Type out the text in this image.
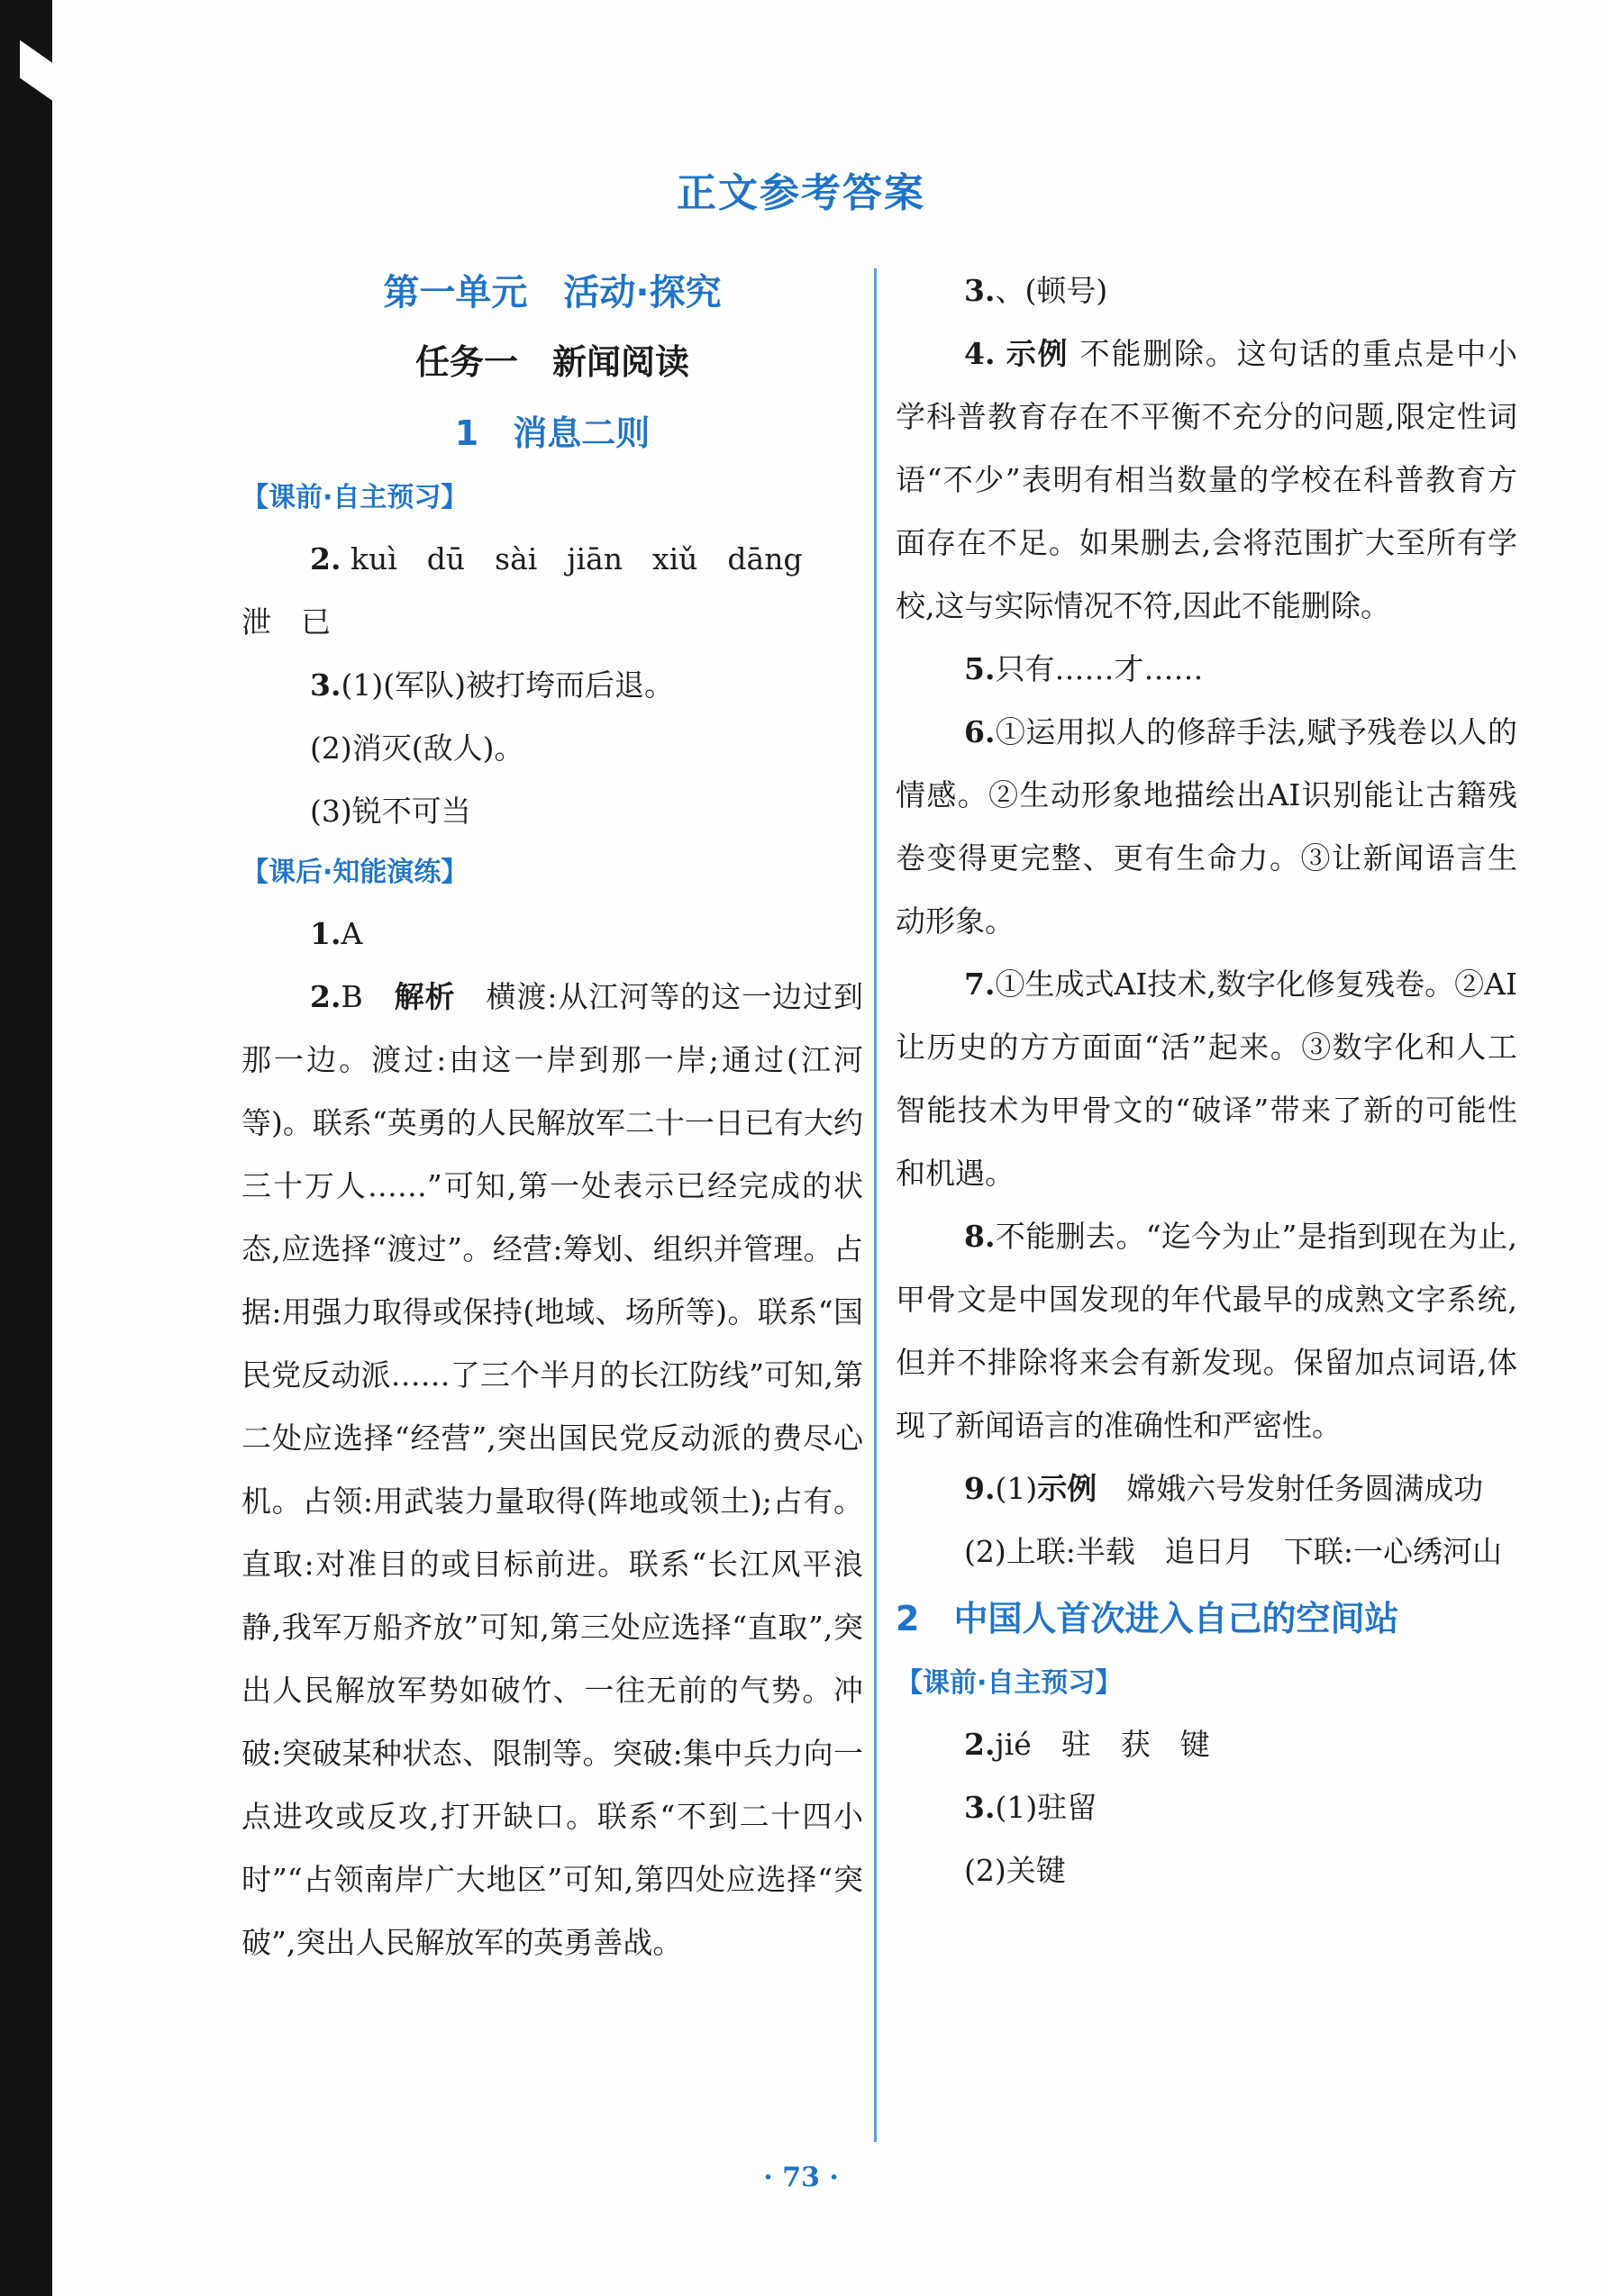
正文参考答案
第一单元　活动·探究
任务一　新闻阅读
1　消息二则
【课前·自主预习】
2. kuì　dū　sài　jiān　xiǔ　dāng
泄　已
3.(1)(军队)被打垮而后退。
(2)消灭(敌人)。
(3)锐不可当
【课后·知能演练】
1.A
2.B　 解析　 横渡:从江河等的这一边过到那一边。渡过:由这一岸到那一岸;通过(江河等)。联系“英勇的人民解放军二十一日已有大约三十万人……”可知,第一处表示已经完成的状态,应选择“渡过”。经营:筹划、组织并管理。占据:用强力取得或保持(地域、场所等)。联系“国民党反动派……了三个半月的长江防线”可知,第二处应选择“经营”,突出国民党反动派的费尽心机。占领:用武装力量取得(阵地或领土);占有。直取:对准目的或目标前进。联系“长江风平浪静,我军万船齐放”可知,第三处应选择“直取”,突出人民解放军势如破竹、一往无前的气势。冲破:突破某种状态、限制等。突破:集中兵力向一点进攻或反攻,打开缺口。联系“不到二十四小时”“占领南岸广大地区”可知,第四处应选择“突破”,突出人民解放军的英勇善战。
3.、(顿号)
4. 示例 不能删除。这句话的重点是中小学科普教育存在不平衡不充分的问题,限定性词语“不少”表明有相当数量的学校在科普教育方面存在不足。如果删去,会将范围扩大至所有学校,这与实际情况不符,因此不能删除。
5.只有……才……
6.①运用拟人的修辞手法,赋予残卷以人的情感。②生动形象地描绘出AI识别能让古籍残卷变得更完整、更有生命力。③让新闻语言生动形象。
7.①生成式AI技术,数字化修复残卷。②AI让历史的方方面面“活”起来。③数字化和人工智能技术为甲骨文的“破译”带来了新的可能性和机遇。
8.不能删去。“迄今为止”是指到现在为止,甲骨文是中国发现的年代最早的成熟文字系统,但并不排除将来会有新发现。保留加点词语,体现了新闻语言的准确性和严密性。
9.(1)示例　 嫦娥六号发射任务圆满成功
(2)上联:半载　追日月　下联:一心绣河山
2　中国人首次进入自己的空间站
【课前·自主预习】
2.jié　驻　获　键
3.(1)驻留
(2)关键
· 73 ·
